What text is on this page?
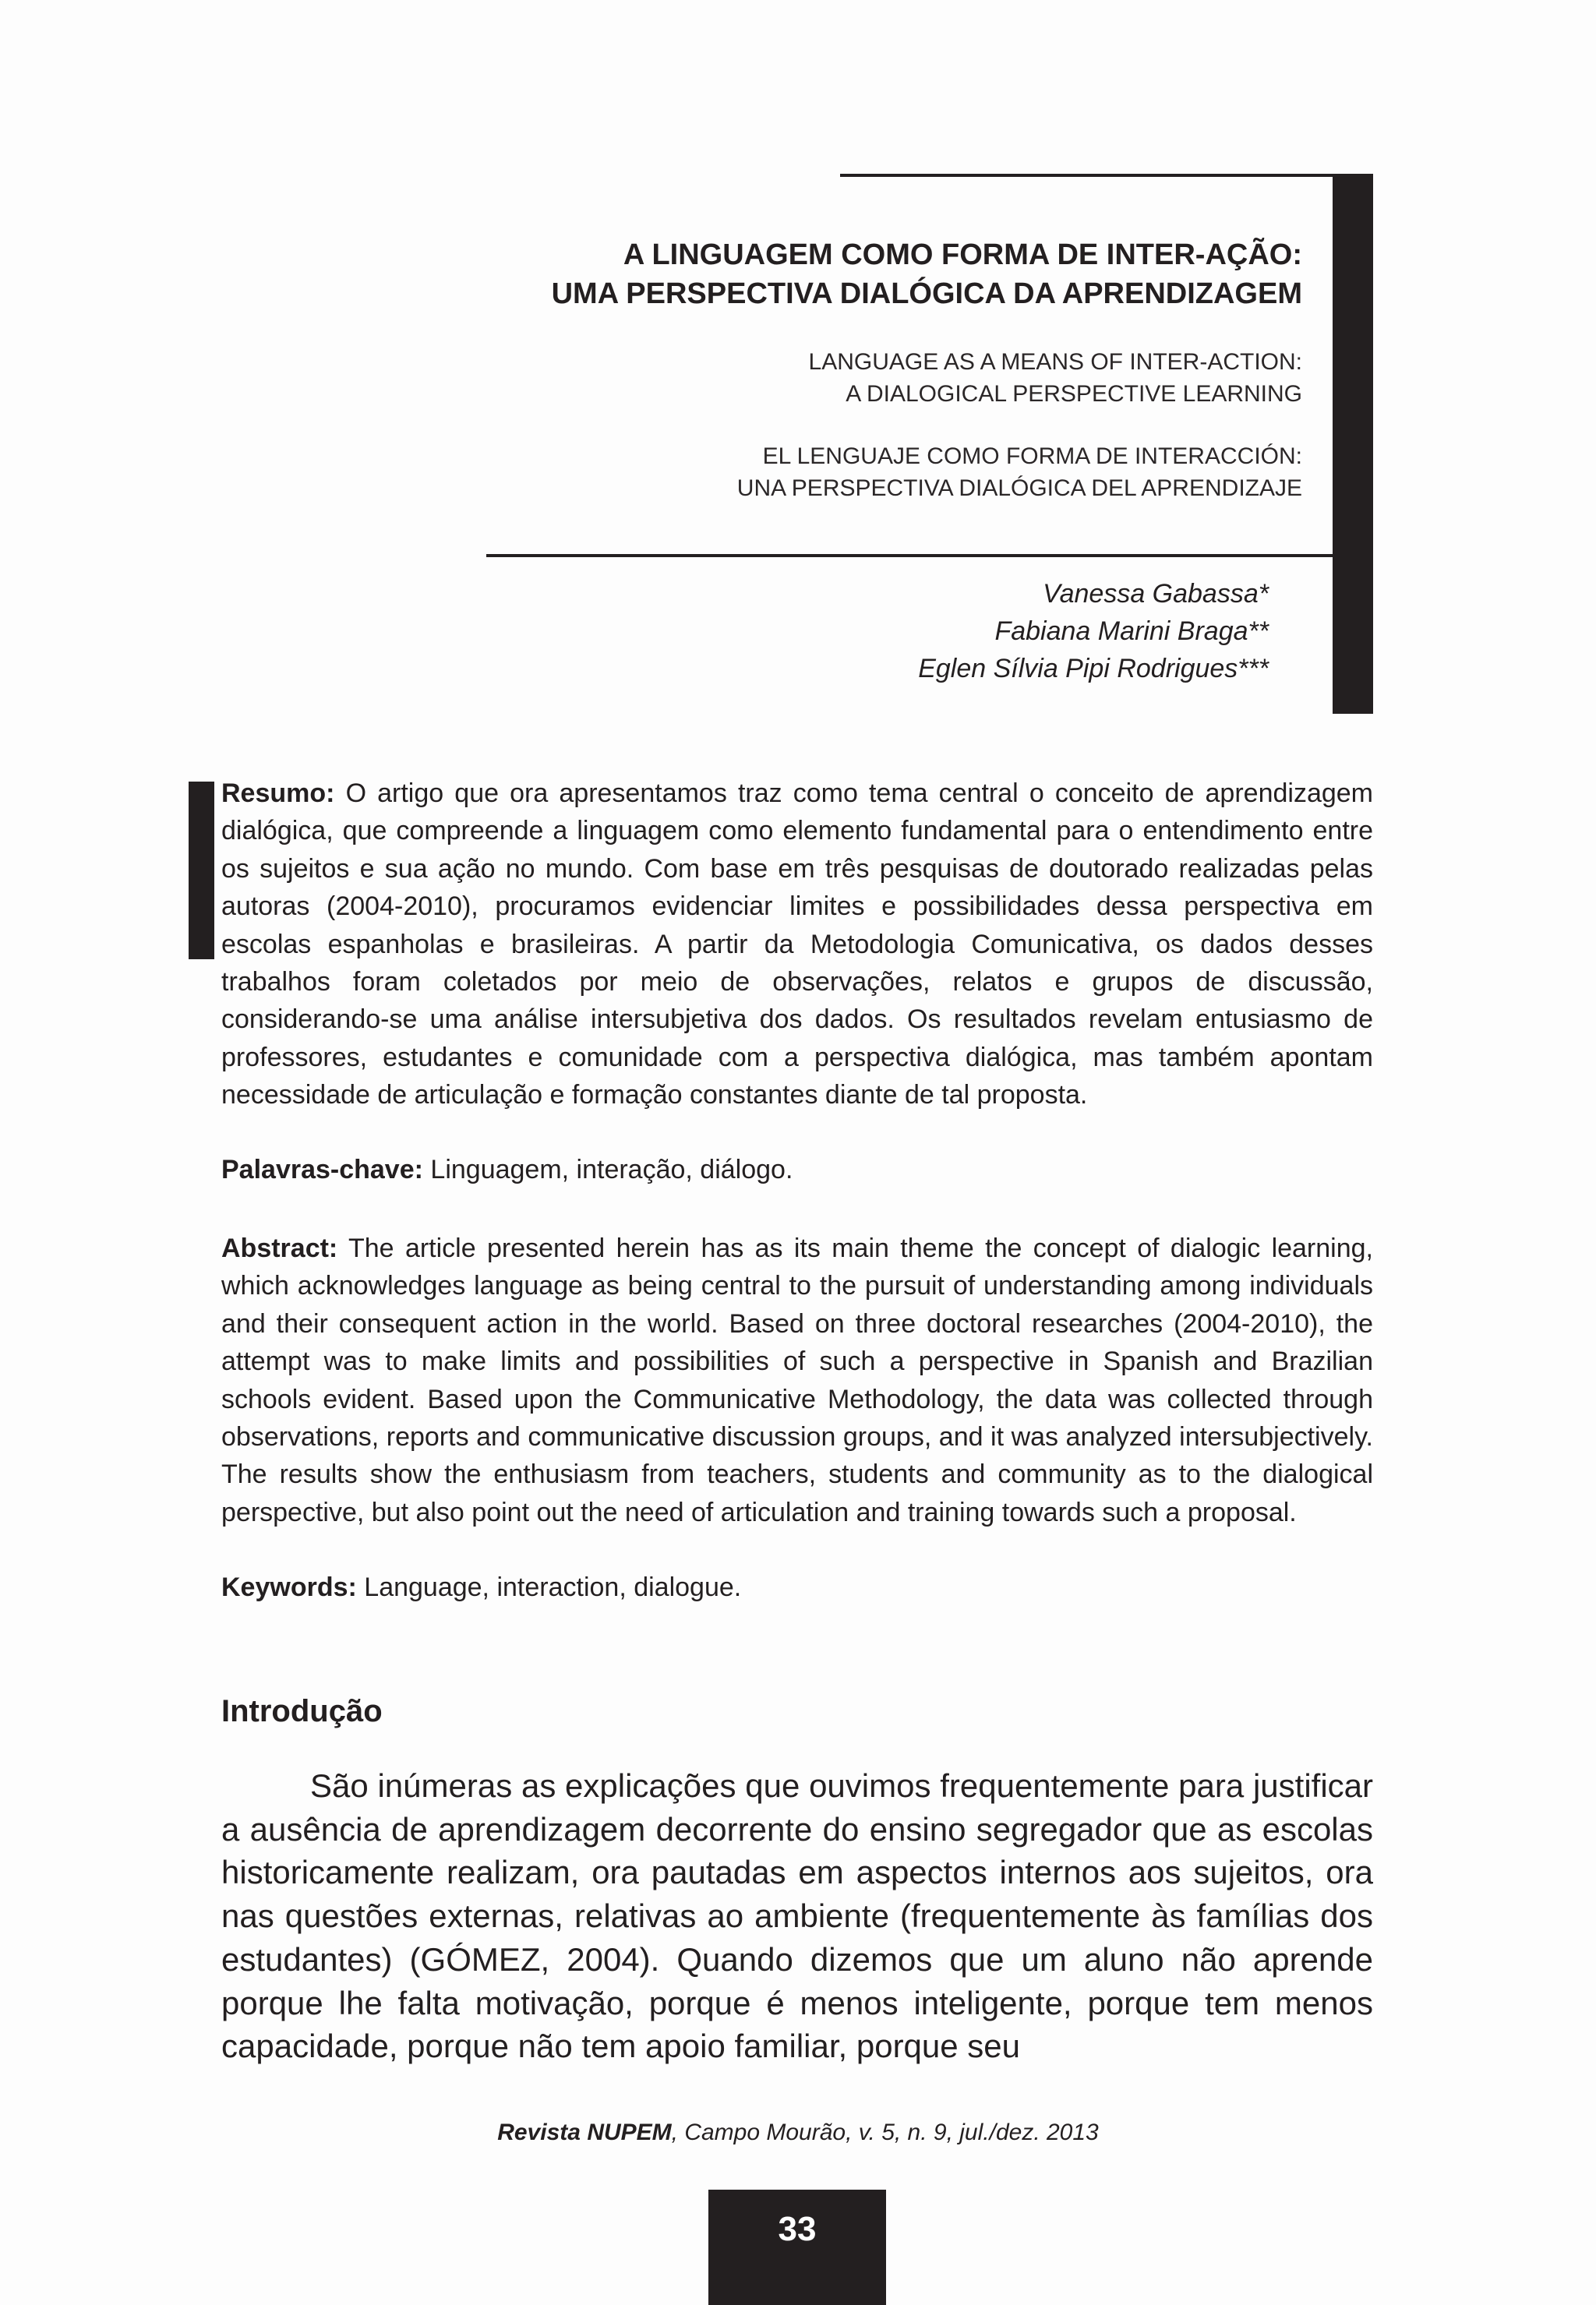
A LINGUAGEM COMO FORMA DE INTER-AÇÃO:
UMA PERSPECTIVA DIALÓGICA DA APRENDIZAGEM
LANGUAGE AS A MEANS OF INTER-ACTION:
A DIALOGICAL PERSPECTIVE LEARNING
EL LENGUAJE COMO FORMA DE INTERACCIÓN:
UNA PERSPECTIVA DIALÓGICA DEL APRENDIZAJE
Vanessa Gabassa*
Fabiana Marini Braga**
Eglen Sílvia Pipi Rodrigues***
Resumo: O artigo que ora apresentamos traz como tema central o conceito de aprendizagem dialógica, que compreende a linguagem como elemento fundamental para o entendimento entre os sujeitos e sua ação no mundo. Com base em três pesquisas de doutorado realizadas pelas autoras (2004-2010), procuramos evidenciar limites e possibilidades dessa perspectiva em escolas espanholas e brasileiras. A partir da Metodologia Comunicativa, os dados desses trabalhos foram coletados por meio de observações, relatos e grupos de discussão, considerando-se uma análise intersubjetiva dos dados. Os resultados revelam entusiasmo de professores, estudantes e comunidade com a perspectiva dialógica, mas também apontam necessidade de articulação e formação constantes diante de tal proposta.
Palavras-chave: Linguagem, interação, diálogo.
Abstract: The article presented herein has as its main theme the concept of dialogic learning, which acknowledges language as being central to the pursuit of understanding among individuals and their consequent action in the world. Based on three doctoral researches (2004-2010), the attempt was to make limits and possibilities of such a perspective in Spanish and Brazilian schools evident. Based upon the Communicative Methodology, the data was collected through observations, reports and communicative discussion groups, and it was analyzed intersubjectively. The results show the enthusiasm from teachers, students and community as to the dialogical perspective, but also point out the need of articulation and training towards such a proposal.
Keywords: Language, interaction, dialogue.
Introdução
São inúmeras as explicações que ouvimos frequentemente para justificar a ausência de aprendizagem decorrente do ensino segregador que as escolas historicamente realizam, ora pautadas em aspectos internos aos sujeitos, ora nas questões externas, relativas ao ambiente (frequentemente às famílias dos estudantes) (GÓMEZ, 2004). Quando dizemos que um aluno não aprende porque lhe falta motivação, porque é menos inteligente, porque tem menos capacidade, porque não tem apoio familiar, porque seu
Revista NUPEM, Campo Mourão, v. 5, n. 9, jul./dez. 2013
33
